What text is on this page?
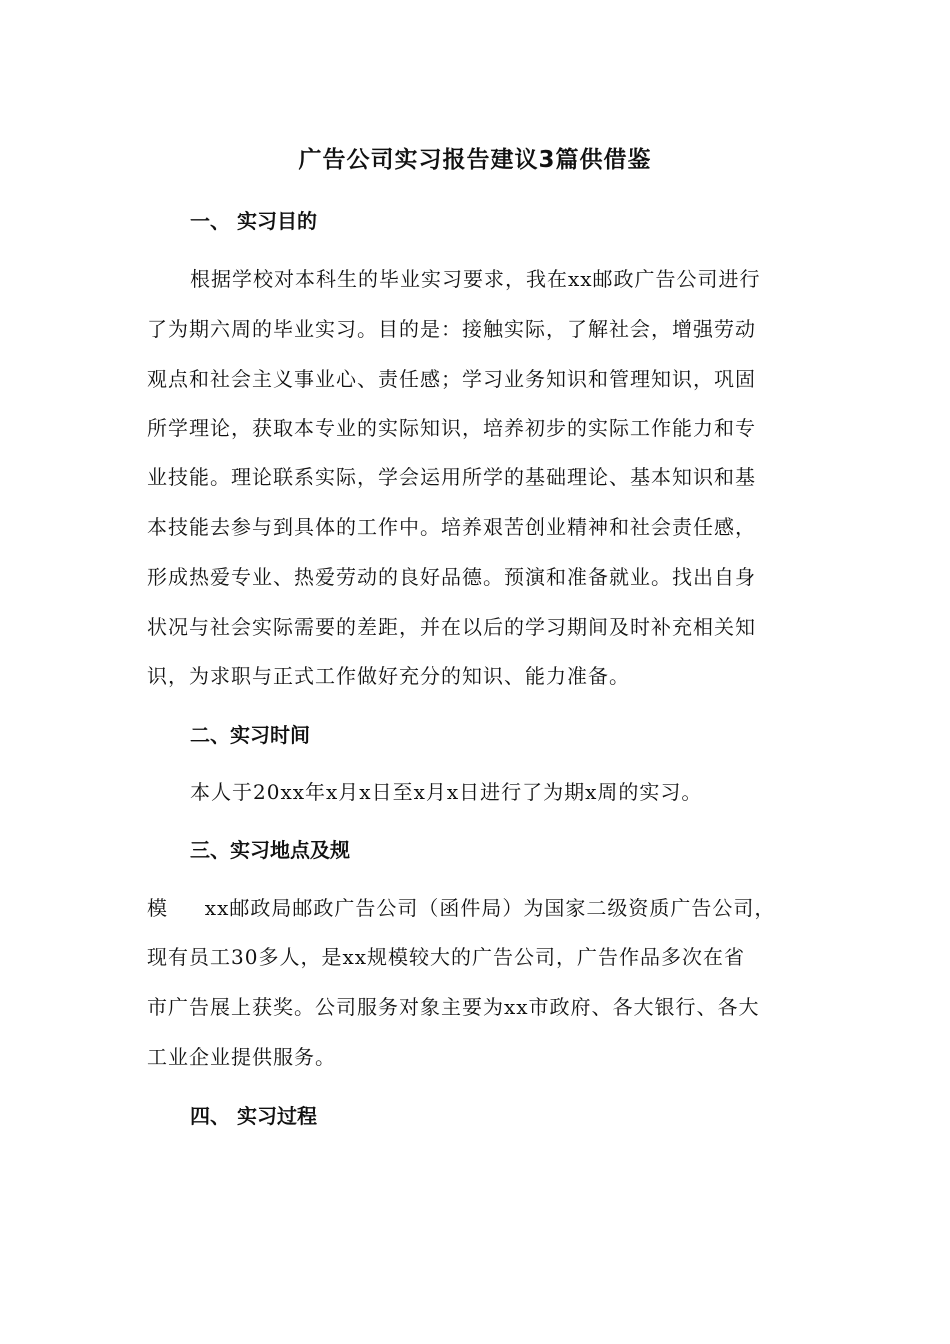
广告公司实习报告建议3篇供借鉴
一、 实习目的
根据学校对本科生的毕业实习要求，我在xx邮政广告公司进行
了为期六周的毕业实习。目的是：接触实际，了解社会，增强劳动
观点和社会主义事业心、责任感；学习业务知识和管理知识，巩固
所学理论，获取本专业的实际知识，培养初步的实际工作能力和专
业技能。理论联系实际，学会运用所学的基础理论、基本知识和基
本技能去参与到具体的工作中。培养艰苦创业精神和社会责任感，
形成热爱专业、热爱劳动的良好品德。预演和准备就业。找出自身
状况与社会实际需要的差距，并在以后的学习期间及时补充相关知
识，为求职与正式工作做好充分的知识、能力准备。
二、实习时间
本人于20xx年x月x日至x月x日进行了为期x周的实习。
三、实习地点及规
模     xx邮政局邮政广告公司（函件局）为国家二级资质广告公司，
现有员工30多人，是xx规模较大的广告公司，广告作品多次在省
市广告展上获奖。公司服务对象主要为xx市政府、各大银行、各大
工业企业提供服务。
四、 实习过程
